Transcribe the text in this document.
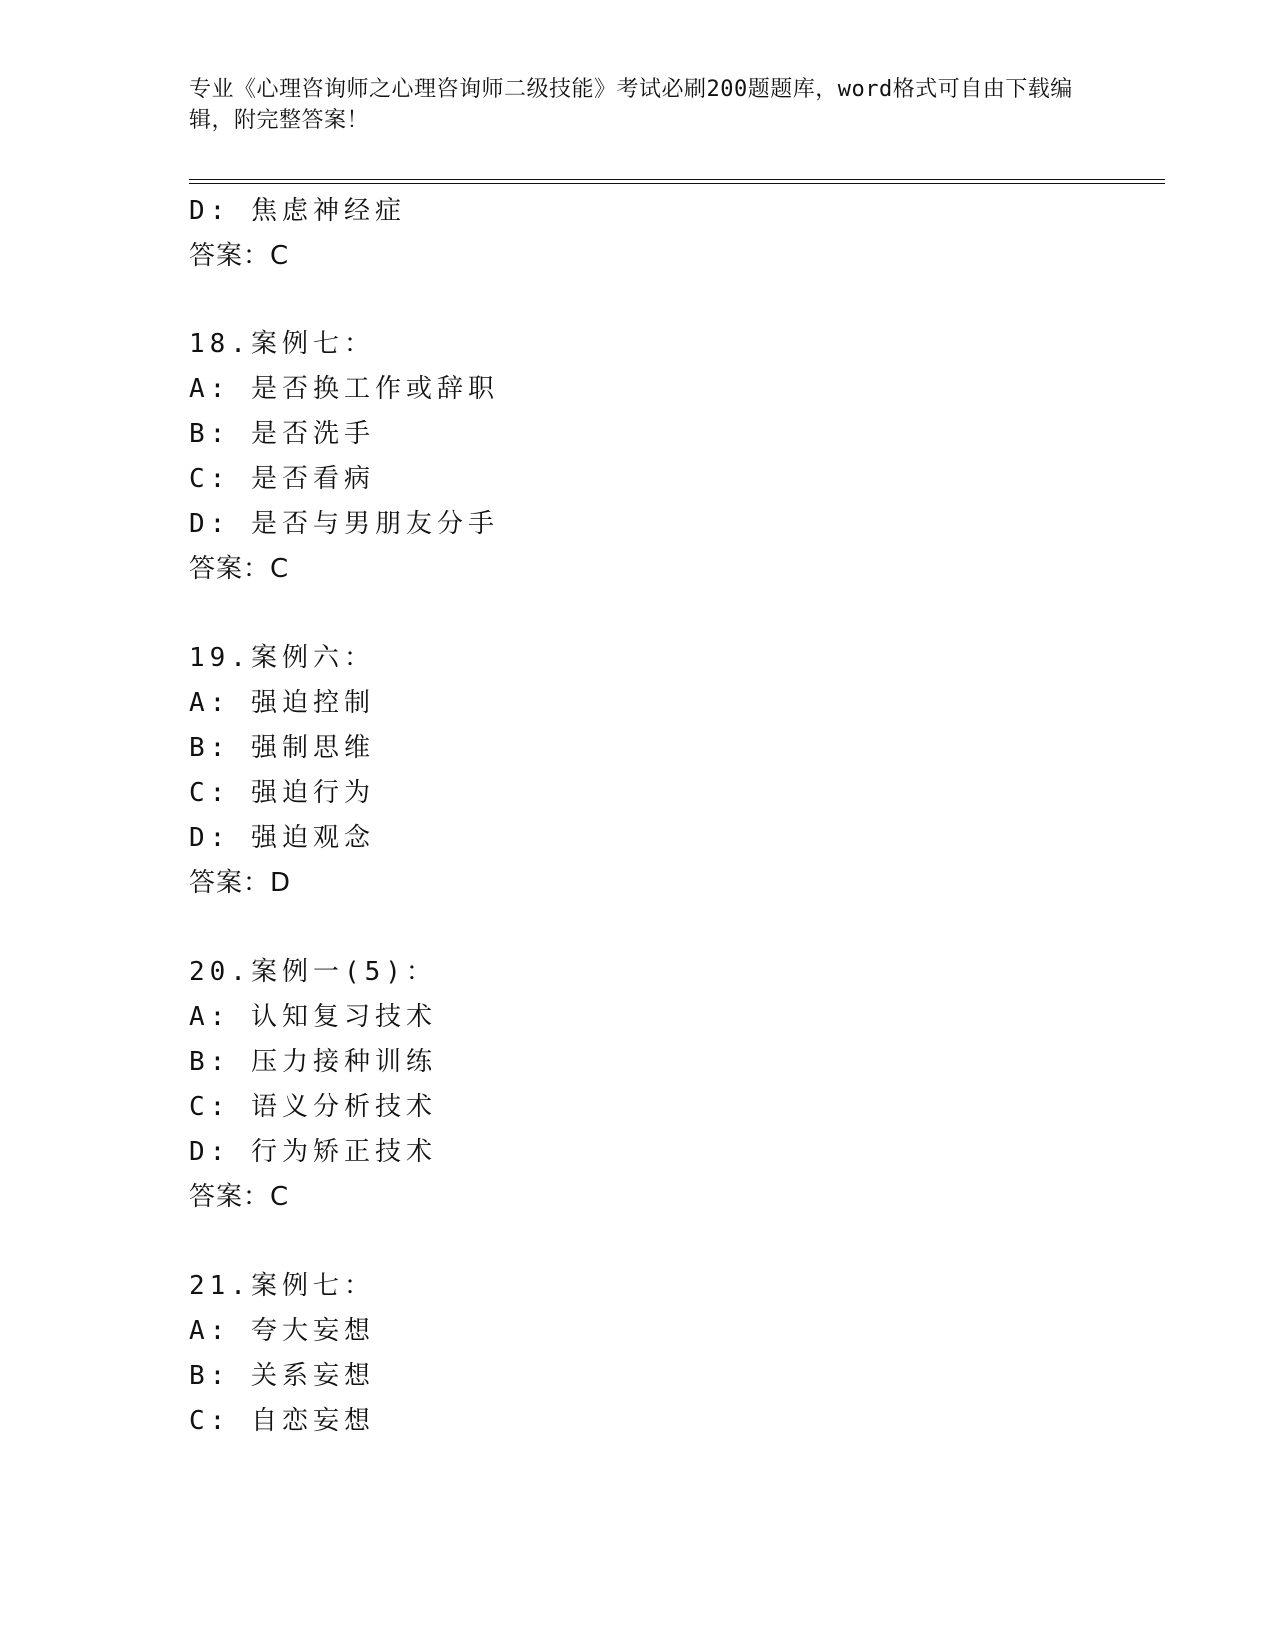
专业《心理咨询师之心理咨询师二级技能》考试必刷200题题库，word格式可自由下载编辑，附完整答案！
D: 焦虑神经症
答案：C
18.案例七：
A: 是否换工作或辞职
B: 是否洗手
C: 是否看病
D: 是否与男朋友分手
答案：C
19.案例六：
A: 强迫控制
B: 强制思维
C: 强迫行为
D: 强迫观念
答案：D
20.案例一(5)：
A: 认知复习技术
B: 压力接种训练
C: 语义分析技术
D: 行为矫正技术
答案：C
21.案例七：
A: 夸大妄想
B: 关系妄想
C: 自恋妄想
